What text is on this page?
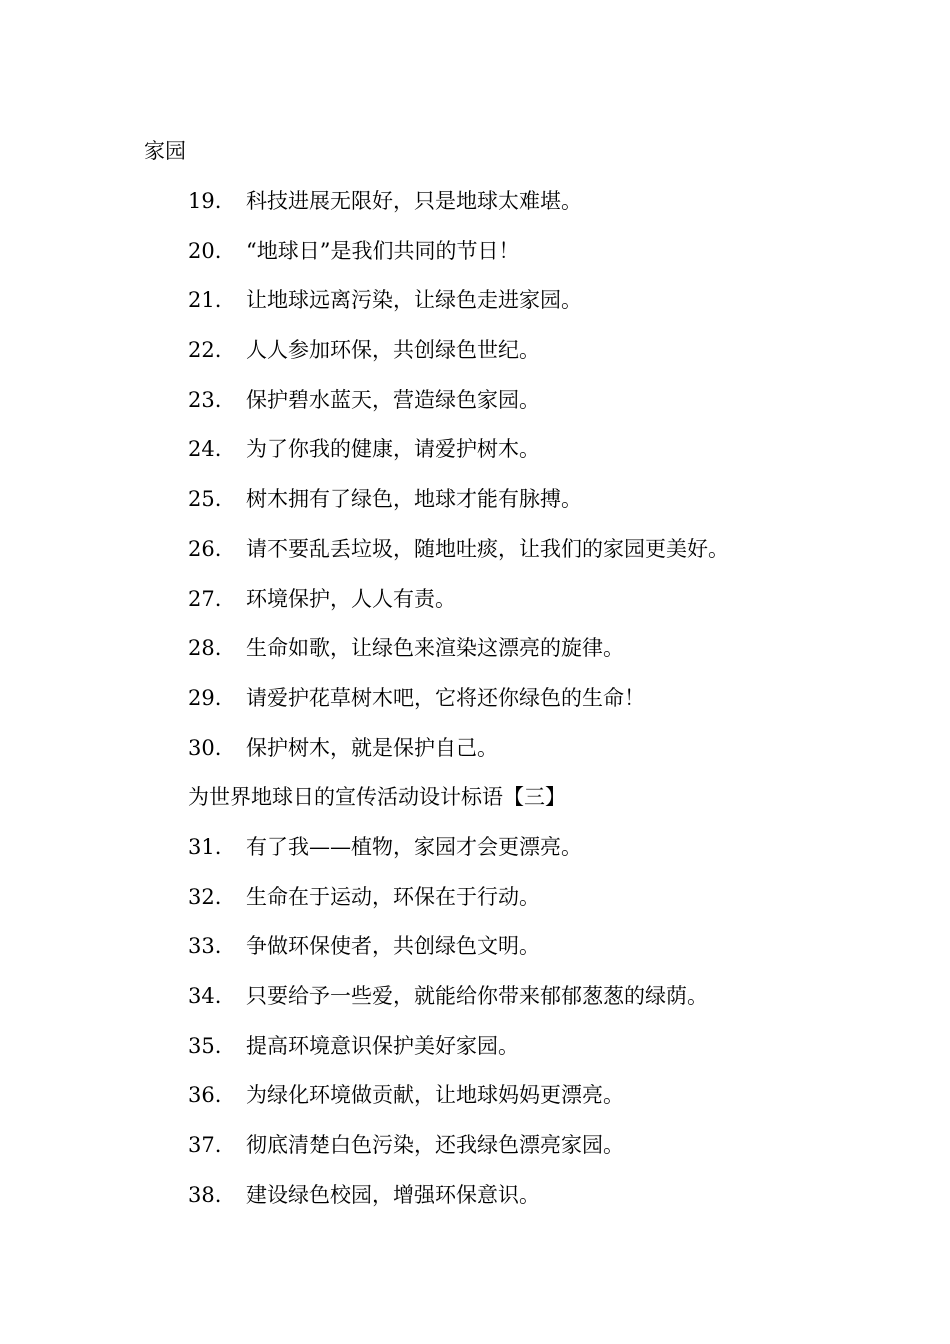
家园
19. 科技进展无限好，只是地球太难堪。
20. “地球日”是我们共同的节日！
21. 让地球远离污染，让绿色走进家园。
22. 人人参加环保，共创绿色世纪。
23. 保护碧水蓝天，营造绿色家园。
24. 为了你我的健康，请爱护树木。
25. 树木拥有了绿色，地球才能有脉搏。
26. 请不要乱丢垃圾，随地吐痰，让我们的家园更美好。
27. 环境保护，人人有责。
28. 生命如歌，让绿色来渲染这漂亮的旋律。
29. 请爱护花草树木吧，它将还你绿色的生命！
30. 保护树木，就是保护自己。
为世界地球日的宣传活动设计标语【三】
31. 有了我——植物，家园才会更漂亮。
32. 生命在于运动，环保在于行动。
33. 争做环保使者，共创绿色文明。
34. 只要给予一些爱，就能给你带来郁郁葱葱的绿荫。
35. 提高环境意识保护美好家园。
36. 为绿化环境做贡献，让地球妈妈更漂亮。
37. 彻底清楚白色污染，还我绿色漂亮家园。
38. 建设绿色校园，增强环保意识。
